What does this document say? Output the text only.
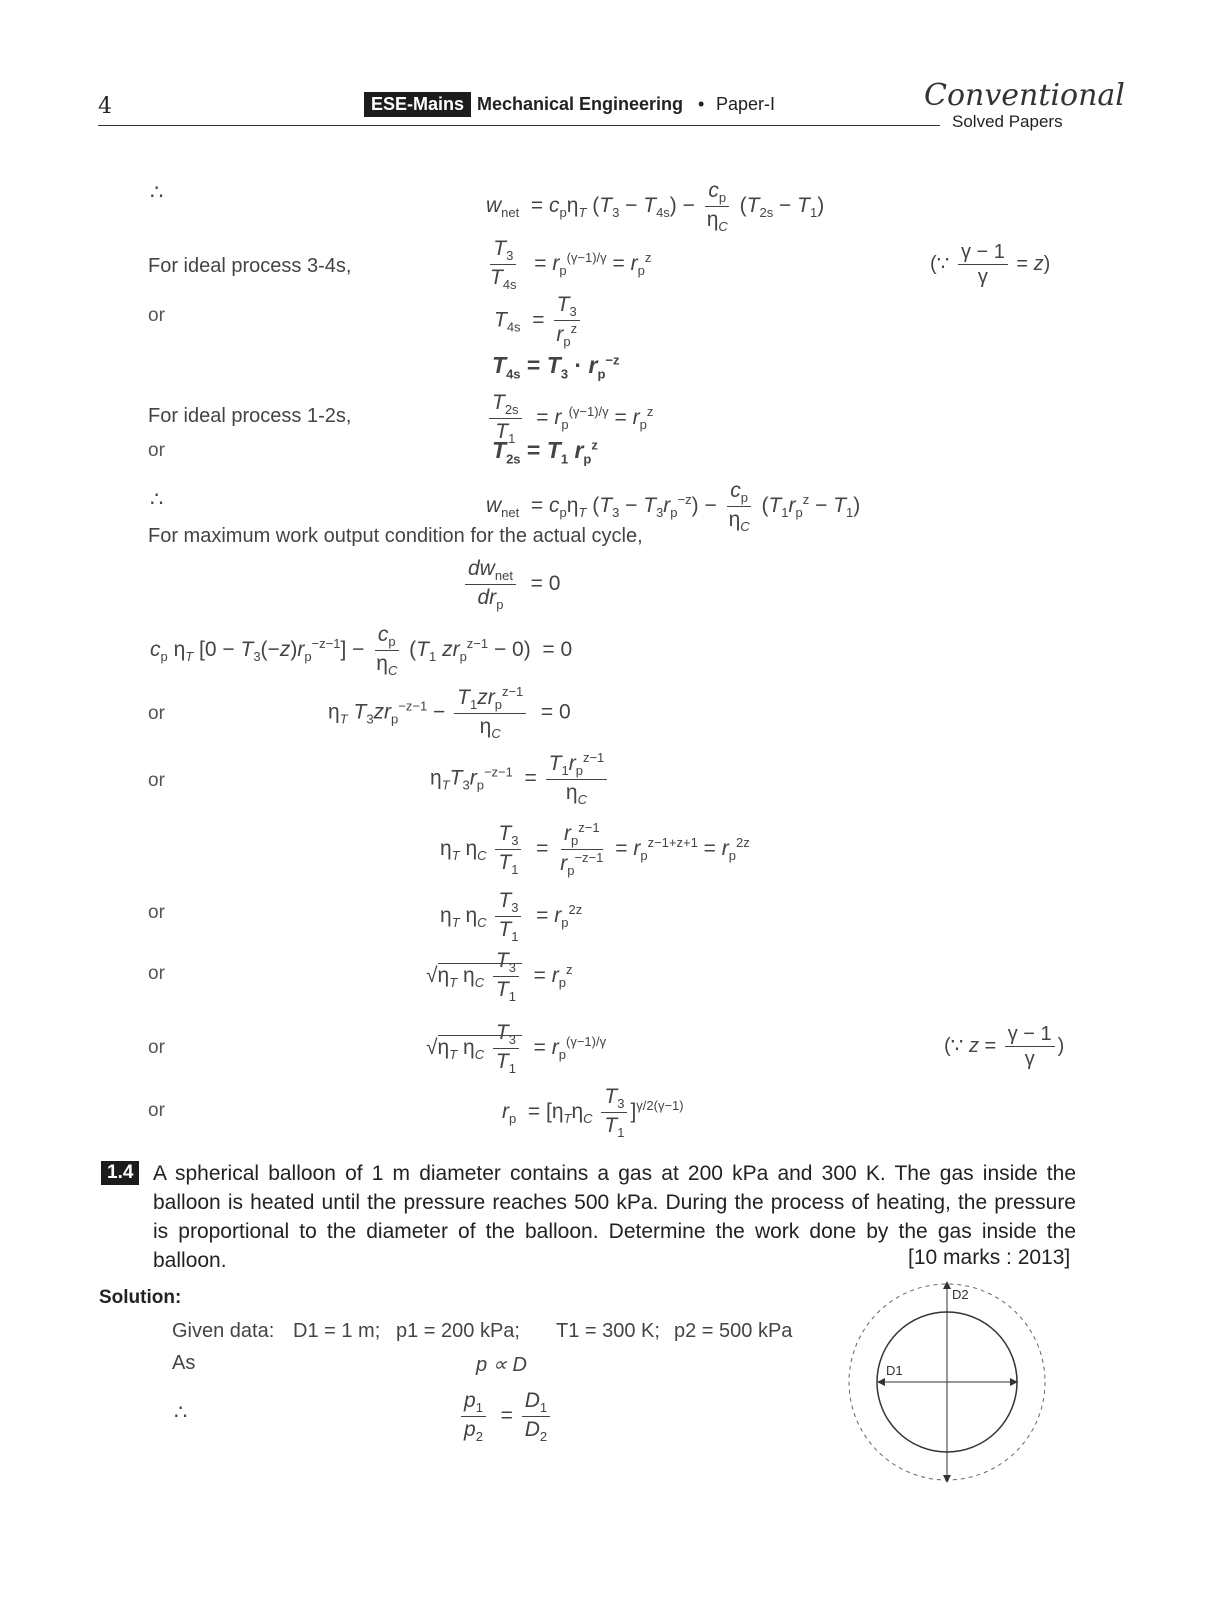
4	ESE-Mains Mechanical Engineering • Paper-I	Conventional
Solved Papers
∴
$w_{net} = c_p\eta_T$ $(T_3 - T_{4s}) - \frac{c_p}{\eta_C} (T_{2s} - T_1)$
For ideal process 3-4s,	$\frac{T_3}{T_{4s}} = r_p^{(\gamma-1)/\gamma} = r_p^z$	(∵ $\frac{\gamma - 1}{\gamma} = z$)
or	$T_{4s} = \frac{T_3}{r_p^z}$
$T_{4s} = T_3 \cdot r_p^{-z}$
For ideal process 1-2s,	$\frac{T_{2s}}{T_1} = r_p^{(\gamma-1)/\gamma} = r_p^z$
or	$T_{2s} = T_1$ $r_p^z$
∴	$w_{net} = c_p\eta_T$ $(T_3 - T_3r_p^{-z}) - \frac{c_p}{\eta_C} (T_1r_p^z - T_1)$
For maximum work output condition for the actual cycle,
$\frac{dw_{net}}{dr_p} = 0$
$c_p$ $\eta_T$ $[0 - T_3(-z)r_p^{-z-1}] - \frac{c_p}{\eta_C} (T_1$ $zr_p^{z-1} - 0) = 0$
or	$\eta_T$ $T_3zr_p^{-z-1} - \frac{T_1zr_p^{z-1}}{\eta_C} = 0$
or	$\eta_TT_3r_p^{-z-1} = \frac{T_1r_p^{z-1}}{\eta_C}$
$\eta_T$ $\eta_C \frac{T_3}{T_1} = \frac{r_p^{z-1}}{r_p^{-z-1}} = r_p^{z-1+z+1} = r_p^{2z}$
or	$\eta_T$ $\eta_C \frac{T_3}{T_1} = r_p^{2z}$
or	$√\eta_T$ $\eta_C \frac{T_3}{T_1} = r_p^z$
or	$√\eta_T$ $\eta_C \frac{T_3}{T_1} = r_p^{(\gamma-1)/\gamma}$	(∵ $z = \frac{\gamma - 1}{\gamma}$ )
or	$r_p = [\eta_T\eta_C \frac{T_3}{T_1} ]^{\gamma/2(\gamma-1)}$
1.4 A spherical balloon of 1 m diameter contains a gas at 200 kPa and 300 K. The gas inside the balloon is heated until the pressure reaches 500 kPa. During the process of heating, the pressure is proportional to the diameter of the balloon. Determine the work done by the gas inside the balloon.	[10 marks : 2013]
Solution:
Given data: D1 = 1 m; p1 = 200 kPa; T1 = 300 K; p2 = 500 kPa
As	p ∝ D
∴	$\frac{p_1}{p_2} = \frac{D_1}{D_2}$
D1
D2
